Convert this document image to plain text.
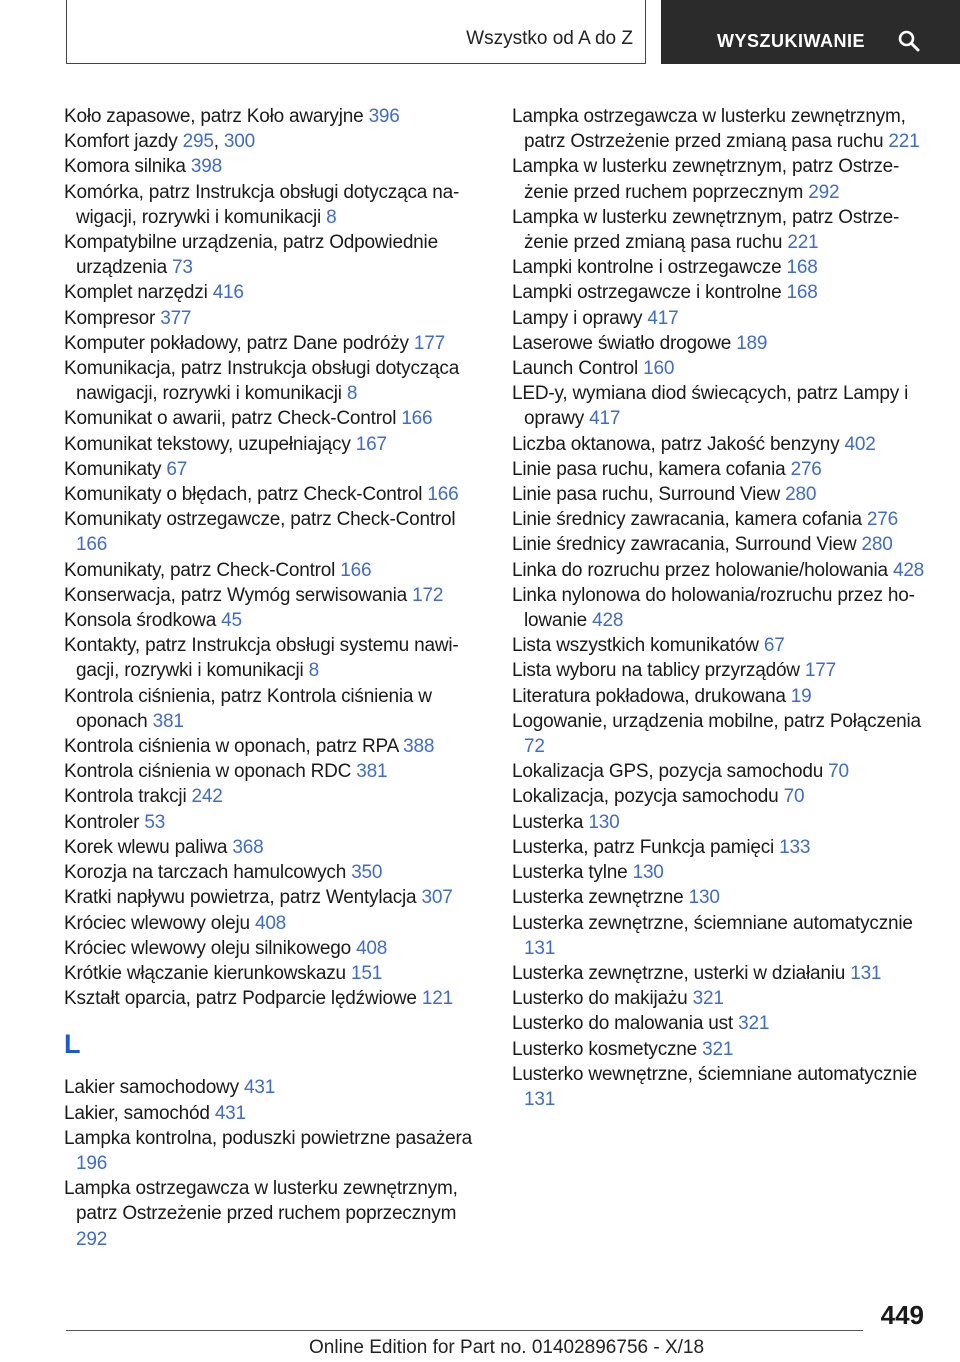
Wszystko od A do Z	WYSZUKIWANIE
Koło zapasowe, patrz Koło awaryjne 396
Komfort jazdy 295, 300
Komora silnika 398
Komórka, patrz Instrukcja obsługi dotycząca nawigacji, rozrywki i komunikacji 8
Kompatybilne urządzenia, patrz Odpowiednie urządzenia 73
Komplet narzędzi 416
Kompresor 377
Komputer pokładowy, patrz Dane podróży 177
Komunikacja, patrz Instrukcja obsługi dotycząca nawigacji, rozrywki i komunikacji 8
Komunikat o awarii, patrz Check-Control 166
Komunikat tekstowy, uzupełniający 167
Komunikaty 67
Komunikaty o błędach, patrz Check-Control 166
Komunikaty ostrzegawcze, patrz Check-Control 166
Komunikaty, patrz Check-Control 166
Konserwacja, patrz Wymóg serwisowania 172
Konsola środkowa 45
Kontakty, patrz Instrukcja obsługi systemu nawigacji, rozrywki i komunikacji 8
Kontrola ciśnienia, patrz Kontrola ciśnienia w oponach 381
Kontrola ciśnienia w oponach, patrz RPA 388
Kontrola ciśnienia w oponach RDC 381
Kontrola trakcji 242
Kontroler 53
Korek wlewu paliwa 368
Korozja na tarczach hamulcowych 350
Kratki napływu powietrza, patrz Wentylacja 307
Króciec wlewowy oleju 408
Króciec wlewowy oleju silnikowego 408
Krótkie włączanie kierunkowskazu 151
Kształt oparcia, patrz Podparcie lędźwiowe 121
L
Lakier samochodowy 431
Lakier, samochód 431
Lampka kontrolna, poduszki powietrzne pasażera 196
Lampka ostrzegawcza w lusterku zewnętrznym, patrz Ostrzeżenie przed ruchem poprzecznym 292
Lampka ostrzegawcza w lusterku zewnętrznym, patrz Ostrzeżenie przed zmianą pasa ruchu 221
Lampka w lusterku zewnętrznym, patrz Ostrzeżenie przed ruchem poprzecznym 292
Lampka w lusterku zewnętrznym, patrz Ostrzeżenie przed zmianą pasa ruchu 221
Lampki kontrolne i ostrzegawcze 168
Lampki ostrzegawcze i kontrolne 168
Lampy i oprawy 417
Laserowe światło drogowe 189
Launch Control 160
LED-y, wymiana diod świecących, patrz Lampy i oprawy 417
Liczba oktanowa, patrz Jakość benzyny 402
Linie pasa ruchu, kamera cofania 276
Linie pasa ruchu, Surround View 280
Linie średnicy zawracania, kamera cofania 276
Linie średnicy zawracania, Surround View 280
Linka do rozruchu przez holowanie/holowania 428
Linka nylonowa do holowania/rozruchu przez holowanie 428
Lista wszystkich komunikatów 67
Lista wyboru na tablicy przyrządów 177
Literatura pokładowa, drukowana 19
Logowanie, urządzenia mobilne, patrz Połączenia 72
Lokalizacja GPS, pozycja samochodu 70
Lokalizacja, pozycja samochodu 70
Lusterka 130
Lusterka, patrz Funkcja pamięci 133
Lusterka tylne 130
Lusterka zewnętrzne 130
Lusterka zewnętrzne, ściemniane automatycznie 131
Lusterka zewnętrzne, usterki w działaniu 131
Lusterko do makijażu 321
Lusterko do malowania ust 321
Lusterko kosmetyczne 321
Lusterko wewnętrzne, ściemniane automatycznie 131
449
Online Edition for Part no. 01402896756 - X/18
